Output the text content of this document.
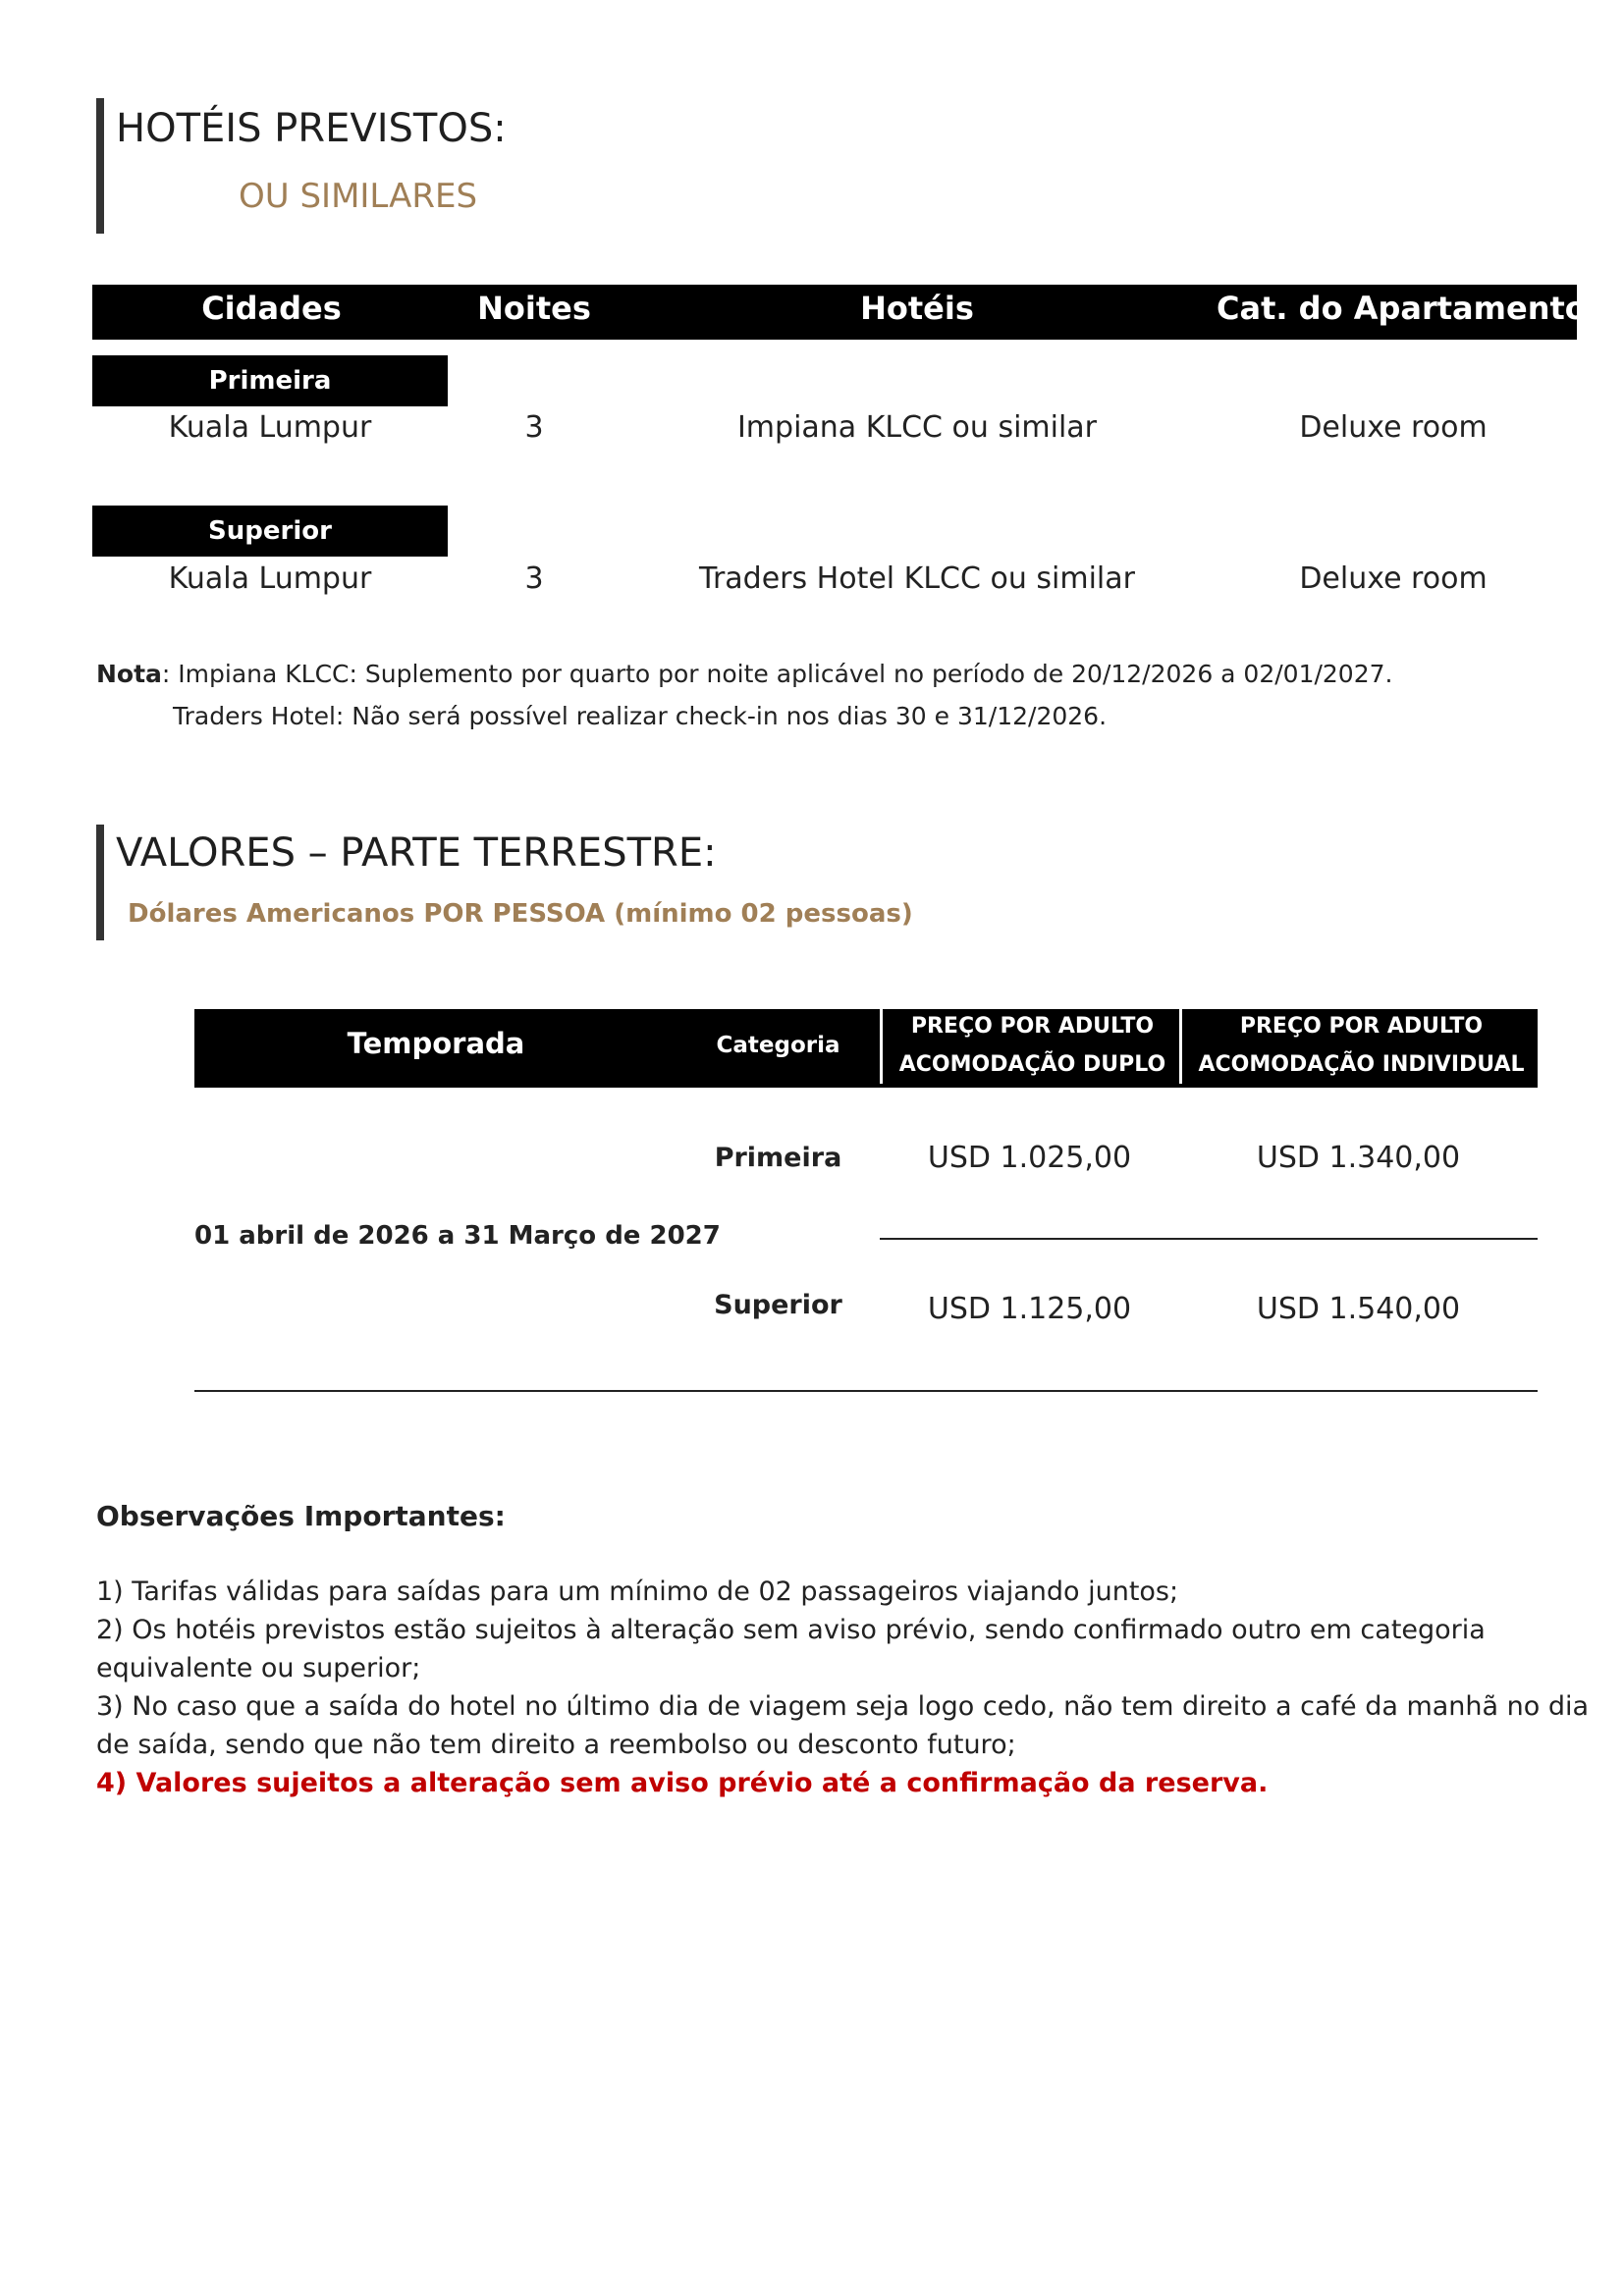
HOTÉIS PREVISTOS:
OU SIMILARES
Cidades	Noites	Hotéis	Cat. do Apartamento
Primeira
Kuala Lumpur	3	Impiana KLCC ou similar	Deluxe room
Superior
Kuala Lumpur	3	Traders Hotel KLCC ou similar	Deluxe room
Nota: Impiana KLCC: Suplemento por quarto por noite aplicável no período de 20/12/2026 a 02/01/2027.
Traders Hotel: Não será possível realizar check-in nos dias 30 e 31/12/2026.
VALORES – PARTE TERRESTRE:
Dólares Americanos POR PESSOA (mínimo 02 pessoas)
Temporada	Categoria
PREÇO POR ADULTO
ACOMODAÇÃO DUPLO
PREÇO POR ADULTO
ACOMODAÇÃO INDIVIDUAL
01 abril de 2026 a 31 Março de 2027
Primeira	USD 1.025,00	USD 1.340,00
Superior	USD 1.125,00	USD 1.540,00
Observações Importantes:
1) Tarifas válidas para saídas para um mínimo de 02 passageiros viajando juntos;
2) Os hotéis previstos estão sujeitos à alteração sem aviso prévio, sendo confirmado outro em categoria equivalente ou superior;
3) No caso que a saída do hotel no último dia de viagem seja logo cedo, não tem direito a café da manhã no dia de saída, sendo que não tem direito a reembolso ou desconto futuro;
4) Valores sujeitos a alteração sem aviso prévio até a confirmação da reserva.
